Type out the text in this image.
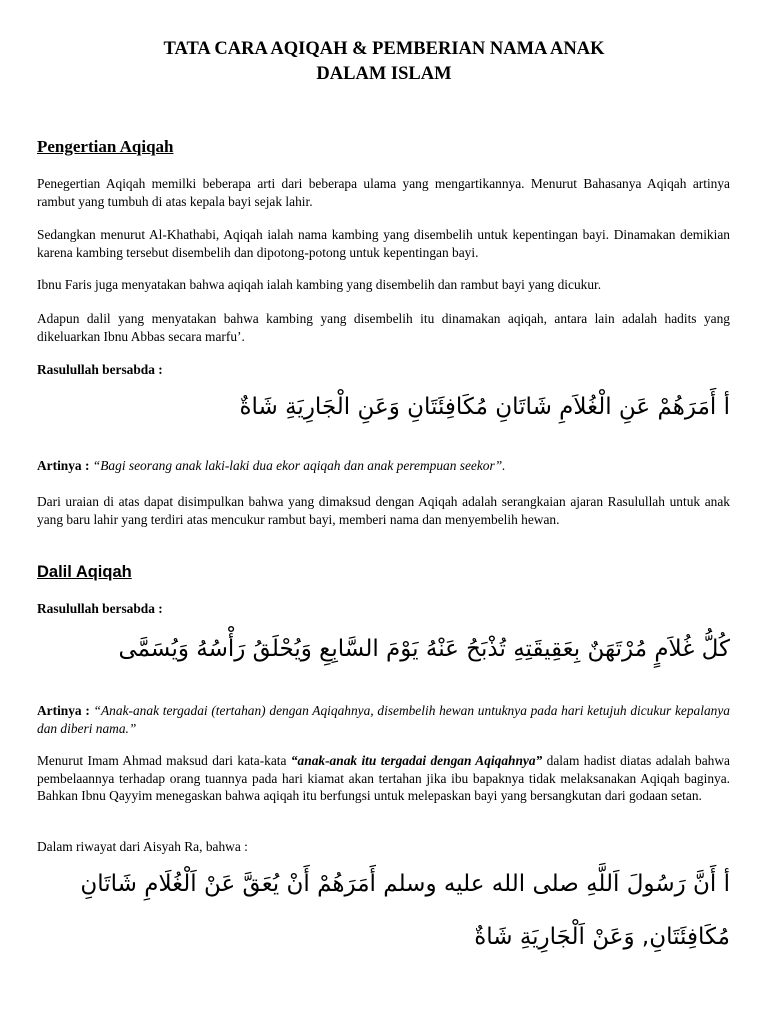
TATA CARA AQIQAH & PEMBERIAN NAMA ANAK
DALAM ISLAM
Pengertian Aqiqah
Penegertian Aqiqah memilki beberapa arti dari beberapa ulama yang mengartikannya. Menurut Bahasanya Aqiqah artinya rambut yang tumbuh di atas kepala bayi sejak lahir.
Sedangkan menurut Al-Khathabi, Aqiqah ialah nama kambing yang disembelih untuk kepentingan bayi. Dinamakan demikian karena kambing tersebut disembelih dan dipotong-potong untuk kepentingan bayi.
Ibnu Faris juga menyatakan bahwa aqiqah ialah kambing yang disembelih dan rambut bayi yang dicukur.
Adapun dalil yang menyatakan bahwa kambing yang disembelih itu dinamakan aqiqah, antara lain adalah hadits yang dikeluarkan Ibnu Abbas secara marfu’.
Rasulullah bersabda :
أ أَمَرَهُمْ عَنِ الْغُلاَمِ شَاتَانِ مُكَافِئَتَانِ وَعَنِ الْجَارِيَةِ شَاةٌ
Artinya : “Bagi seorang anak laki-laki dua ekor aqiqah dan anak perempuan seekor”.
Dari uraian di atas dapat disimpulkan bahwa yang dimaksud dengan Aqiqah adalah serangkaian ajaran Rasulullah untuk anak yang baru lahir yang terdiri atas mencukur rambut bayi, memberi nama dan menyembelih hewan.
Dalil Aqiqah
Rasulullah bersabda :
كُلُّ غُلاَمٍ مُرْتَهَنٌ بِعَقِيقَتِهِ تُذْبَحُ عَنْهُ يَوْمَ السَّابِعِ وَيُحْلَقُ رَأْسُهُ وَيُسَمَّى
Artinya : “Anak-anak tergadai (tertahan) dengan Aqiqahnya, disembelih hewan untuknya pada hari ketujuh dicukur kepalanya dan diberi nama.”
Menurut Imam Ahmad maksud dari kata-kata “anak-anak itu tergadai dengan Aqiqahnya” dalam hadist diatas adalah bahwa pembelaannya terhadap orang tuannya pada hari kiamat akan tertahan jika ibu bapaknya tidak melaksanakan Aqiqah baginya. Bahkan Ibnu Qayyim menegaskan bahwa aqiqah itu berfungsi untuk melepaskan bayi yang bersangkutan dari godaan setan.
Dalam riwayat dari Aisyah Ra, bahwa :
أ أَنَّ رَسُولَ اَللَّهِ صلى الله عليه وسلم أَمَرَهُمْ أَنْ يُعَقَّ عَنْ اَلْغُلَامِ شَاتَانِ
مُكَافِئَتَانِ, وَعَنْ اَلْجَارِيَةِ شَاةٌ
